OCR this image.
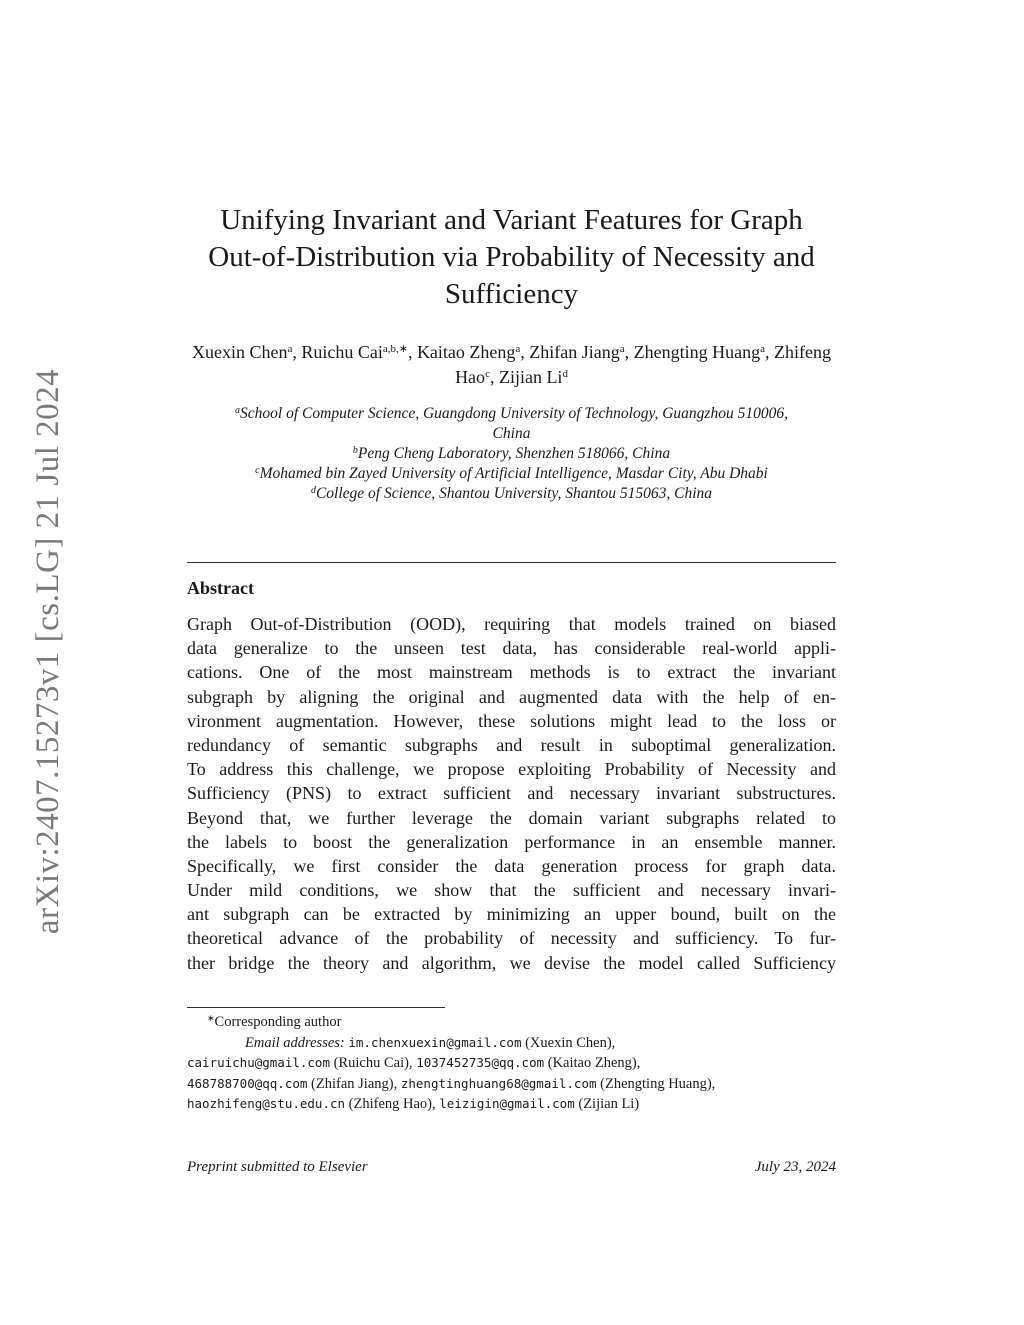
arXiv:2407.15273v1 [cs.LG] 21 Jul 2024
Unifying Invariant and Variant Features for Graph
Out-of-Distribution via Probability of Necessity and
Sufficiency
Xuexin Chen$^a$, Ruichu Cai$^{a,b,∗}$, Kaitao Zheng$^a$, Zhifan Jiang$^a$, Zhengting Huang$^a$, Zhifeng Hao$^c$, Zijian Li$^d$
$^a$School of Computer Science, Guangdong University of Technology, Guangzhou 510006,
China
$^b$Peng Cheng Laboratory, Shenzhen 518066, China
$^c$Mohamed bin Zayed University of Artificial Intelligence, Masdar City, Abu Dhabi
$^d$College of Science, Shantou University, Shantou 515063, China
Abstract
Graph Out-of-Distribution (OOD), requiring that models trained on biased
data generalize to the unseen test data, has considerable real-world appli-
cations. One of the most mainstream methods is to extract the invariant
subgraph by aligning the original and augmented data with the help of en-
vironment augmentation. However, these solutions might lead to the loss or
redundancy of semantic subgraphs and result in suboptimal generalization.
To address this challenge, we propose exploiting Probability of Necessity and
Sufficiency (PNS) to extract sufficient and necessary invariant substructures.
Beyond that, we further leverage the domain variant subgraphs related to
the labels to boost the generalization performance in an ensemble manner.
Specifically, we first consider the data generation process for graph data.
Under mild conditions, we show that the sufficient and necessary invari-
ant subgraph can be extracted by minimizing an upper bound, built on the
theoretical advance of the probability of necessity and sufficiency. To fur-
ther bridge the theory and algorithm, we devise the model called Sufficiency
∗Corresponding author
Email addresses: im.chenxuexin@gmail.com (Xuexin Chen),
cairuichu@gmail.com (Ruichu Cai), 1037452735@qq.com (Kaitao Zheng),
468788700@qq.com (Zhifan Jiang), zhengtinghuang68@gmail.com (Zhengting Huang),
haozhifeng@stu.edu.cn (Zhifeng Hao), leizigin@gmail.com (Zijian Li)
Preprint submitted to Elsevier	July 23, 2024
